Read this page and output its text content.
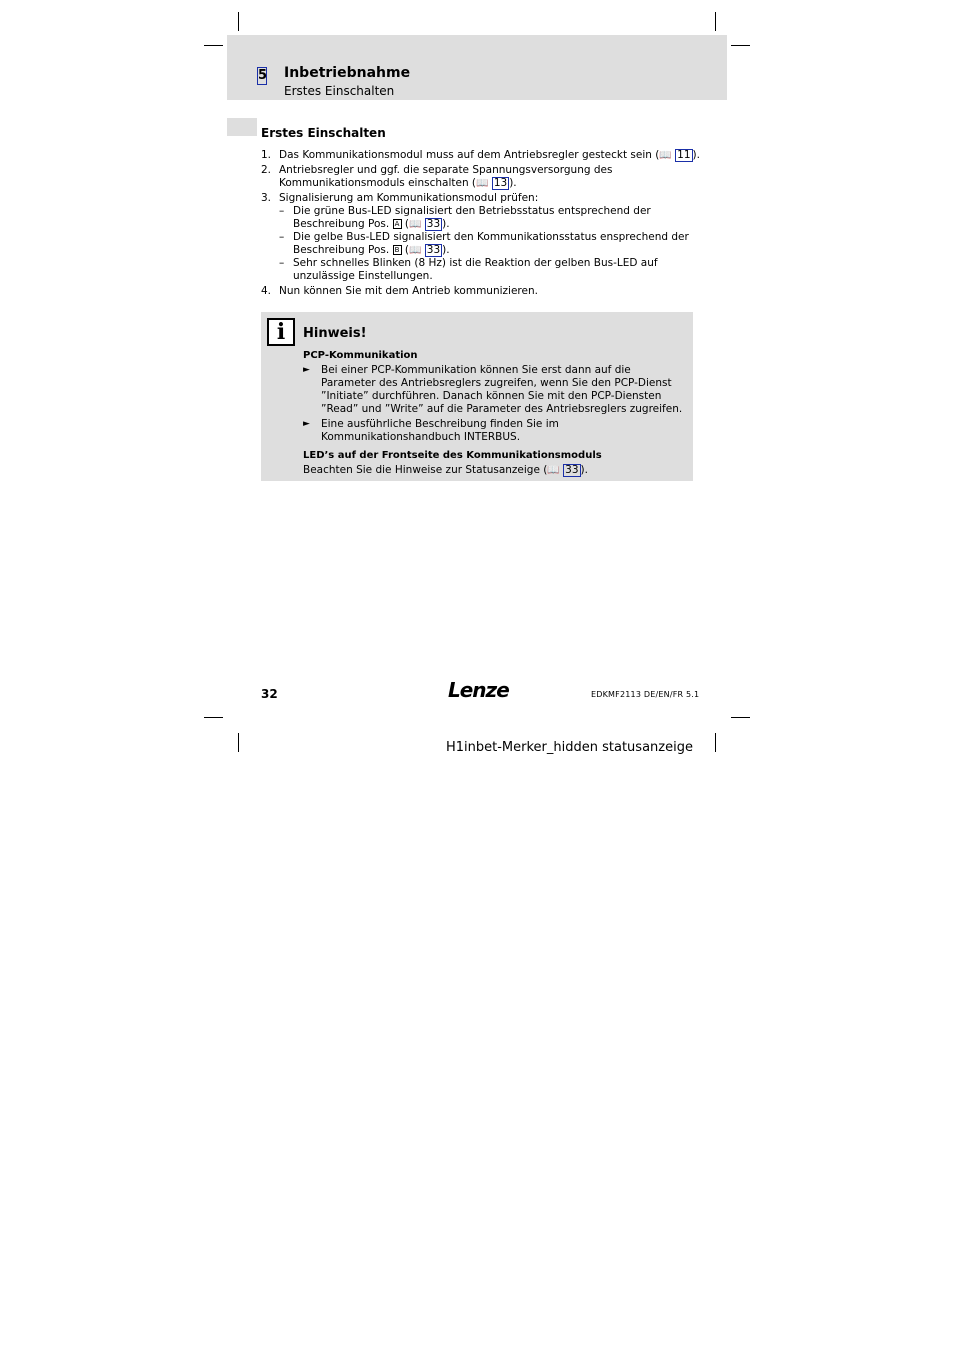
5 Inbetriebnahme
Erstes Einschalten
Erstes Einschalten
1. Das Kommunikationsmodul muss auf dem Antriebsregler gesteckt sein (📖 11 ).
2. Antriebsregler und ggf. die separate Spannungsversorgung des Kommunikationsmoduls einschalten (📖 13 ).
3. Signalisierung am Kommunikationsmodul prüfen:
– Die grüne Bus-LED signalisiert den Betriebsstatus entsprechend der Beschreibung Pos. A (📖 33 ).
– Die gelbe Bus-LED signalisiert den Kommunikationsstatus ensprechend der Beschreibung Pos. B (📖 33 ).
– Sehr schnelles Blinken (8 Hz) ist die Reaktion der gelben Bus-LED auf unzulässige Einstellungen.
4. Nun können Sie mit dem Antrieb kommunizieren.
i	Hinweis!
PCP-Kommunikation
► Bei einer PCP-Kommunikation können Sie erst dann auf die Parameter des Antriebsreglers zugreifen, wenn Sie den PCP-Dienst ”Initiate” durchführen. Danach können Sie mit den PCP-Diensten ”Read” und ”Write” auf die Parameter des Antriebsreglers zugreifen.
► Eine ausführliche Beschreibung finden Sie im Kommunikationshandbuch INTERBUS.
LED’s auf der Frontseite des Kommunikationsmoduls
Beachten Sie die Hinweise zur Statusanzeige (📖 33 ).
32	Lenze	EDKMF2113 DE/EN/FR 5.1
H1inbet-Merker_hidden statusanzeige
